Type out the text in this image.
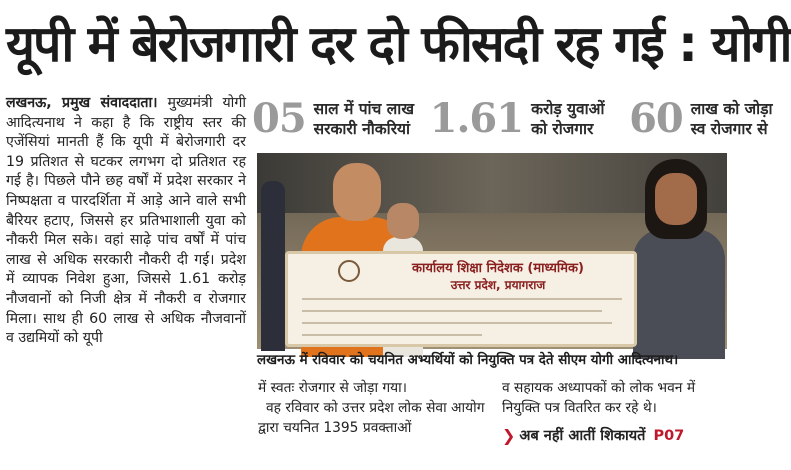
यूपी में बेरोजगारी दर दो फीसदी रह गई : योगी
लखनऊ, प्रमुख संवाददाता। मुख्यमंत्री योगी आदित्यनाथ ने कहा है कि राष्ट्रीय स्तर की एजेंसियां मानती हैं कि यूपी में बेरोजगारी दर 19 प्रतिशत से घटकर लगभग दो प्रतिशत रह गई है। पिछले पौने छह वर्षों में प्रदेश सरकार ने निष्पक्षता व पारदर्शिता में आड़े आने वाले सभी बैरियर हटाए, जिससे हर प्रतिभाशाली युवा को नौकरी मिल सके। वहां साढ़े पांच वर्षों में पांच लाख से अधिक सरकारी नौकरी दी गई। प्रदेश में व्यापक निवेश हुआ, जिससे 1.61 करोड़ नौजवानों को निजी क्षेत्र में नौकरी व रोजगार मिला। साथ ही 60 लाख से अधिक नौजवानों व उद्यमियों को यूपी
05 साल में पांच लाख सरकारी नौकरियां 1.61 करोड़ युवाओं को रोजगार 60 लाख को जोड़ा स्व रोजगार से
कार्यालय शिक्षा निदेशक (माध्यमिक)
उत्तर प्रदेश, प्रयागराज
लखनऊ में रविवार को चयनित अभ्यर्थियों को नियुक्ति पत्र देते सीएम योगी आदित्यनाथ।

में स्वतः रोजगार से जोड़ा गया।

वह रविवार को उत्तर प्रदेश लोक सेवा आयोग द्वारा चयनित 1395 प्रवक्ताओं

व सहायक अध्यापकों को लोक भवन में नियुक्ति पत्र वितरित कर रहे थे।

❯ अब नहीं आतीं शिकायतें P07
